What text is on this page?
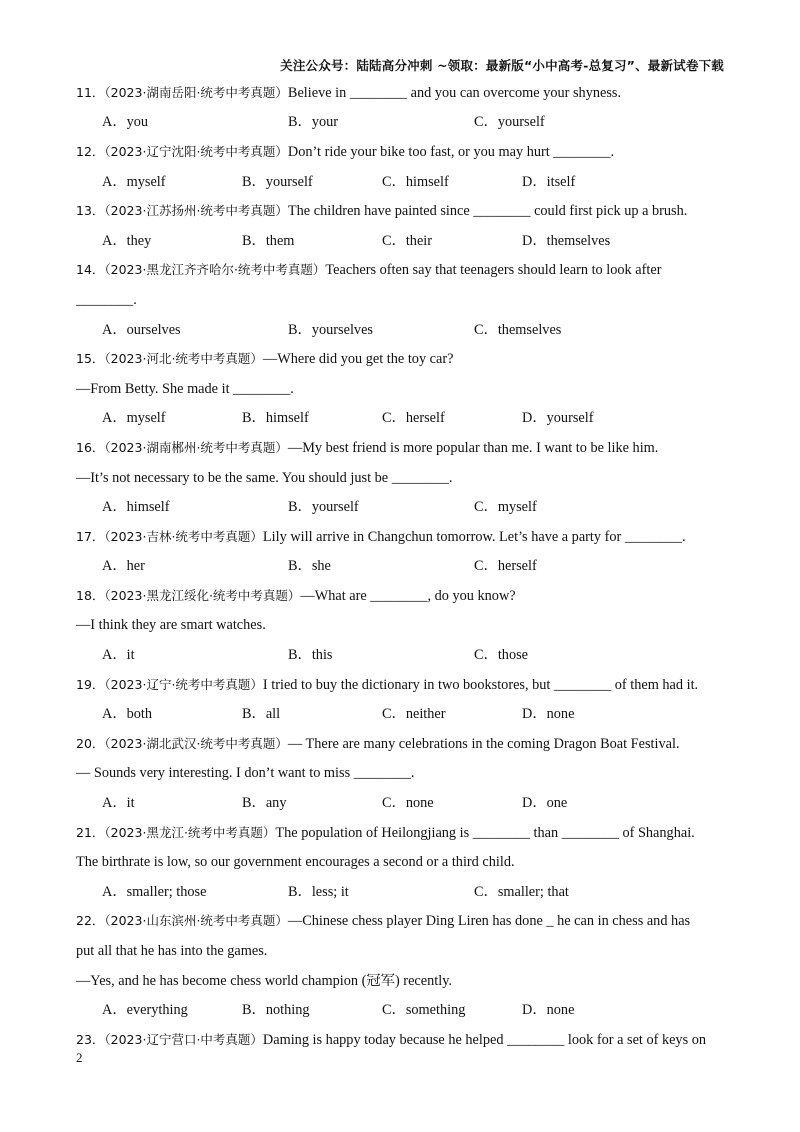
关注公众号：陆陆高分冲刺 ~领取：最新版“小中高考-总复习”、最新试卷下载
11．（2023·湖南岳阳·统考中考真题） Believe in ________ and you can overcome your shyness.
A．you	B．your	C．yourself
12．（2023·辽宁沈阳·统考中考真题） Don’t ride your bike too fast, or you may hurt ________.
A．myself	B．yourself	C．himself	D．itself
13．（2023·江苏扬州·统考中考真题） The children have painted since ________ could first pick up a brush.
A．they	B．them	C．their	D．themselves
14．（2023·黑龙江齐齐哈尔·统考中考真题） Teachers often say that teenagers should learn to look after
________.
A．ourselves	B．yourselves	C．themselves
15．（2023·河北·统考中考真题） —Where did you get the toy car?
—From Betty. She made it ________.
A．myself	B．himself	C．herself	D．yourself
16．（2023·湖南郴州·统考中考真题） —My best friend is more popular than me. I want to be like him.
—It’s not necessary to be the same. You should just be ________.
A．himself	B．yourself	C．myself
17．（2023·吉林·统考中考真题） Lily will arrive in Changchun tomorrow. Let’s have a party for ________.
A．her	B．she	C．herself
18．（2023·黑龙江绥化·统考中考真题） —What are ________, do you know?
—I think they are smart watches.
A．it	B．this	C．those
19．（2023·辽宁·统考中考真题） I tried to buy the dictionary in two bookstores, but ________ of them had it.
A．both	B．all	C．neither	D．none
20．（2023·湖北武汉·统考中考真题） — There are many celebrations in the coming Dragon Boat Festival.
— Sounds very interesting. I don’t want to miss ________.
A．it	B．any	C．none	D．one
21．（2023·黑龙江·统考中考真题） The population of Heilongjiang is ________ than ________ of Shanghai.
The birthrate is low, so our government encourages a second or a third child.
A．smaller; those	B．less; it	C．smaller; that
22．（2023·山东滨州·统考中考真题） —Chinese chess player Ding Liren has done _ he can in chess and has
put all that he has into the games.
—Yes, and he has become chess world champion (冠军) recently.
A．everything	B．nothing	C．something	D．none
23．（2023·辽宁营口·中考真题） Daming is happy today because he helped ________ look for a set of keys on
2
